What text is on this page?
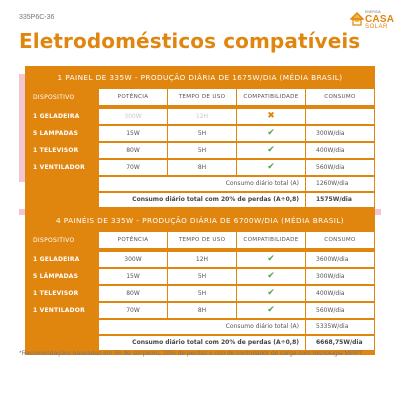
335P6C-36
ENERGIA
CASA
SOLAR
Eletrodomésticos compatíveis
1 PAINEL DE 335W - PRODUÇÃO DIÁRIA DE 1675W/DIA (MÉDIA BRASIL)
DISPOSITIVO	POTÊNCIA	TEMPO DE USO	COMPATIBILIDADE	CONSUMO
1 GELADEIRA	300W	12H	✖
5 LAMPADAS	15W	5H	✔	300W/dia
1 TELEVISOR	80W	5H	✔	400W/dia
1 VENTILADOR	70W	8H	✔	560W/dia
Consumo diário total (A)	1260W/dia
Consumo diário total com 20% de perdas (A÷0,8)	1575W/dia
4 PAINÉIS DE 335W - PRODUÇÃO DIÁRIA DE 6700W/DIA (MÉDIA BRASIL)
DISPOSITIVO	POTÊNCIA	TEMPO DE USO	COMPATIBILIDADE	CONSUMO
1 GELADEIRA	300W	12H	✔	3600W/dia
5 LÂMPADAS	15W	5H	✔	300W/dia
1 TELEVISOR	80W	5H	✔	400W/dia
1 VENTILADOR	70W	8H	✔	560W/dia
Consumo diário total (A)	5335W/dia
Consumo diário total com 20% de perdas (A÷0,8)	6668,75W/dia
*Recomendações baseadas em 5h de sol pleno, 20% de perdas e uso de controlador de carga com tecnologia MPPT.
